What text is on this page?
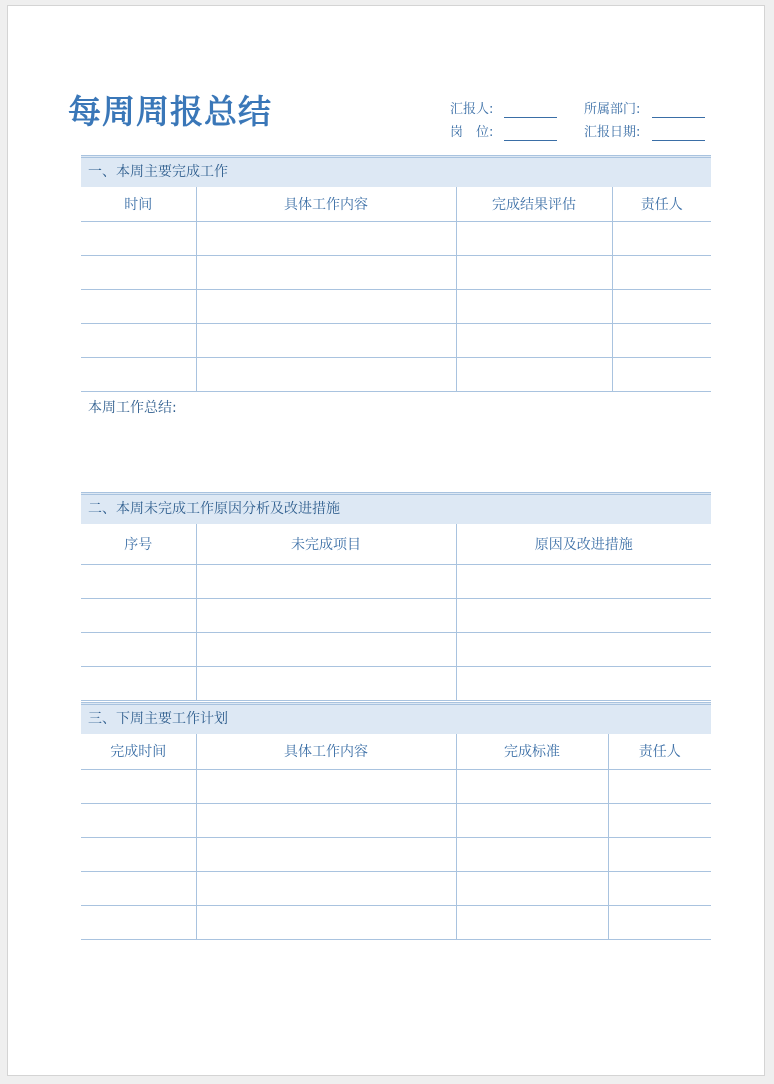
每周周报总结	汇报人:	所属部门:
岗　位:	汇报日期:
一、本周主要完成工作
时间	具体工作内容	完成结果评估	责任人

本周工作总结:
二、本周未完成工作原因分析及改进措施
序号	未完成项目	原因及改进措施

三、下周主要工作计划
完成时间	具体工作内容	完成标准	责任人
